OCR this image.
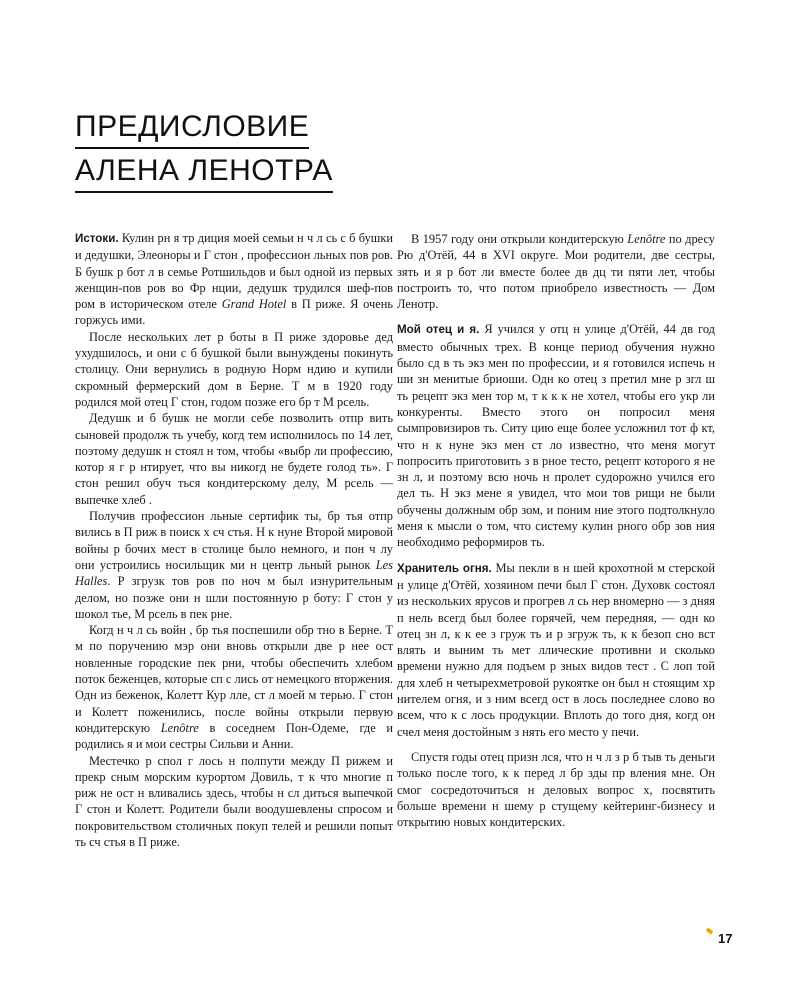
ПРЕДИСЛОВИЕ
АЛЕНА ЛЕНОТРА

Истоки. Кулин рн я тр диция моей семьи н ч л сь с б бушки и дедушки, Элеоноры и Г стон , профессион льных пов ров. Б бушк р бот л в семье Ротшильдов и был одной из первых женщин-пов ров во Фр нции, дедушк трудился шеф-пов ром в историческом отеле Grand Hotel в П риже. Я очень горжусь ими.

После нескольких лет р боты в П риже здоровье дед ухудшилось, и они с б бушкой были вынуждены покинуть столицу. Они вернулись в родную Норм ндию и купили скромный фермерский дом в Берне. Т м в 1920 году родился мой отец Г стон, годом позже его бр т М рсель.

Дедушк и б бушк не могли себе позволить отпр вить сыновей продолж ть учебу, когд тем исполнилось по 14 лет, поэтому дедушк н стоял н том, чтобы «выбр ли профессию, котор я г р нтирует, что вы никогд не будете голод ть». Г стон решил обуч ться кондитерскому делу, М рсель — выпечке хлеб .

Получив профессион льные сертифик ты, бр тья отпр вились в П риж в поиск х сч стья. Н к нуне Второй мировой войны р бочих мест в столице было немного, и пон ч лу они устроились носильщик ми н центр льный рынок Les Halles. Р згрузк тов ров по ноч м был изнурительным делом, но позже они н шли постоянную р боту: Г стон у шокол тье, М рсель в пек рне.

Когд н ч л сь войн , бр тья поспешили обр тно в Берне. Т м по поручению мэр они вновь открыли две р нее ост новленные городские пек рни, чтобы обеспечить хлебом поток беженцев, которые сп с лись от немецкого вторжения. Одн из беженок, Колетт Кур лле, ст л моей м терью. Г стон и Колетт поженились, после войны открыли первую кондитерскую Lenôtre в соседнем Пон-Одеме, где и родились я и мои сестры Сильви и Анни.

Местечко р спол г лось н полпути между П рижем и прекр сным морским курортом Довиль, т к что многие п риж не ост н вливались здесь, чтобы н сл диться выпечкой Г стон и Колетт. Родители были воодушевлены спросом и покровительством столичных покуп телей и решили попыт ть сч стья в П риже.

В 1957 году они открыли кондитерскую Lenôtre по дресу Рю д'Отёй, 44 в XVI округе. Мои родители, две сестры, зять и я р бот ли вместе более дв дц ти пяти лет, чтобы построить то, что потом приобрело известность — Дом Ленотр.

Мой отец и я. Я учился у отц н улице д'Отёй, 44 дв год вместо обычных трех. В конце период обучения нужно было сд в ть экз мен по профессии, и я готовился испечь н ши зн менитые бриоши. Одн ко отец з претил мне р згл ш ть рецепт экз мен тор м, т к к к не хотел, чтобы его укр ли конкуренты. Вместо этого он попросил меня сымпровизиров ть. Ситу цию еще более усложнил тот ф кт, что н к нуне экз мен ст ло известно, что меня могут попросить приготовить з в рное тесто, рецепт которого я не зн л, и поэтому всю ночь н пролет судорожно учился его дел ть. Н экз мене я увидел, что мои тов рищи не были обучены должным обр зом, и поним ние этого подтолкнуло меня к мысли о том, что систему кулин рного обр зов ния необходимо реформиров ть.

Хранитель огня. Мы пекли в н шей крохотной м стерской н улице д'Отёй, хозяином печи был Г стон. Духовк состоял из нескольких ярусов и прогрев л сь нер вномерно — з дняя п нель всегд был более горячей, чем передняя, — одн ко отец зн л, к к ее з груж ть и р згруж ть, к к безоп сно вст влять и выним ть мет ллические противни и сколько времени нужно для подъем р зных видов тест . С лоп той для хлеб н четырехметровой рукоятке он был н стоящим хр нителем огня, и з ним всегд ост в лось последнее слово во всем, что к с лось продукции. Вплоть до того дня, когд он счел меня достойным з нять его место у печи.

Спустя годы отец призн лся, что н ч л з р б тыв ть деньги только после того, к к перед л бр зды пр вления мне. Он смог сосредоточиться н деловых вопрос х, посвятить больше времени н шему р стущему кейтеринг-бизнесу и открытию новых кондитерских.

17
